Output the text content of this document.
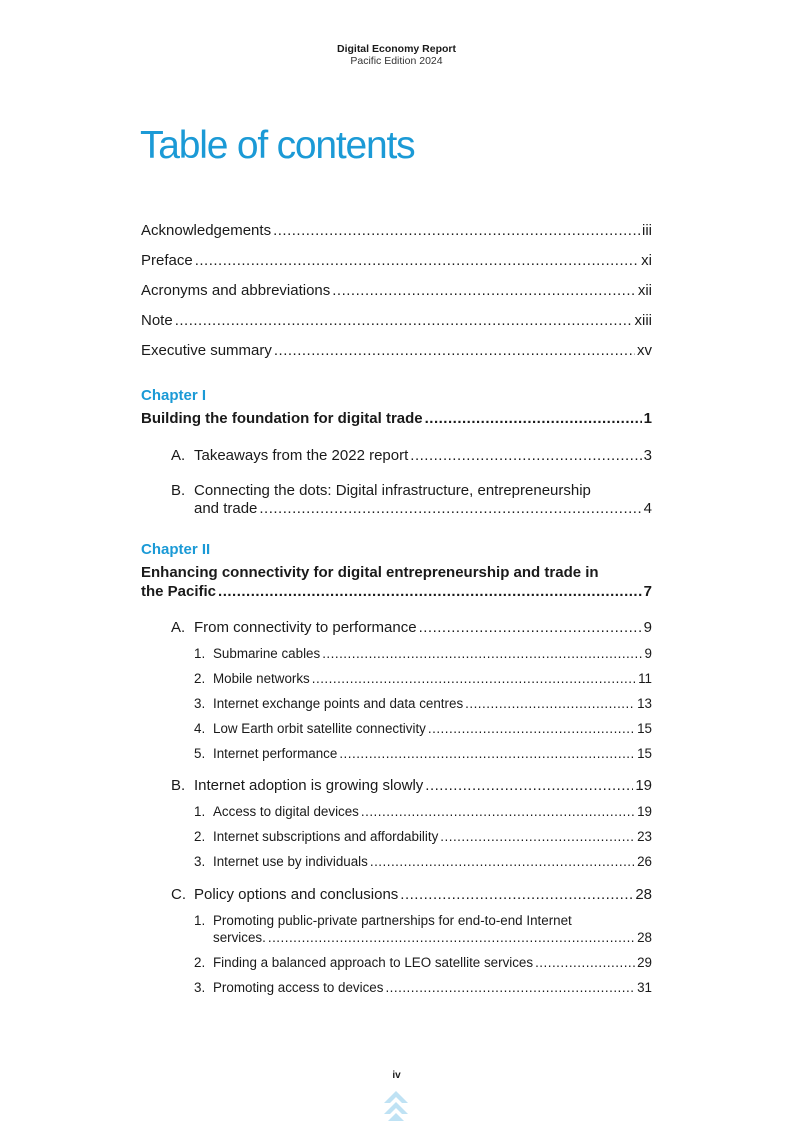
Digital Economy Report
Pacific Edition 2024
Table of contents
Acknowledgements .....	iii
Preface .....	xi
Acronyms and abbreviations .....	xii
Note .....	xiii
Executive summary .....	xv
Chapter I
Building the foundation for digital trade .....	1
A. Takeaways from the 2022 report .....	3
B. Connecting the dots: Digital infrastructure, entrepreneurship
and trade .....	4
Chapter II
Enhancing connectivity for digital entrepreneurship and trade in
the Pacific .....	7
A. From connectivity to performance .....	9
1. Submarine cables .....	9
2. Mobile networks .....	11
3. Internet exchange points and data centres .....	13
4. Low Earth orbit satellite connectivity .....	15
5. Internet performance .....	15
B. Internet adoption is growing slowly .....	19
1. Access to digital devices .....	19
2. Internet subscriptions and affordability .....	23
3. Internet use by individuals .....	26
C. Policy options and conclusions .....	28
1. Promoting public-private partnerships for end-to-end Internet
services. .....	28
2. Finding a balanced approach to LEO satellite services .....	29
3. Promoting access to devices .....	31
iv
